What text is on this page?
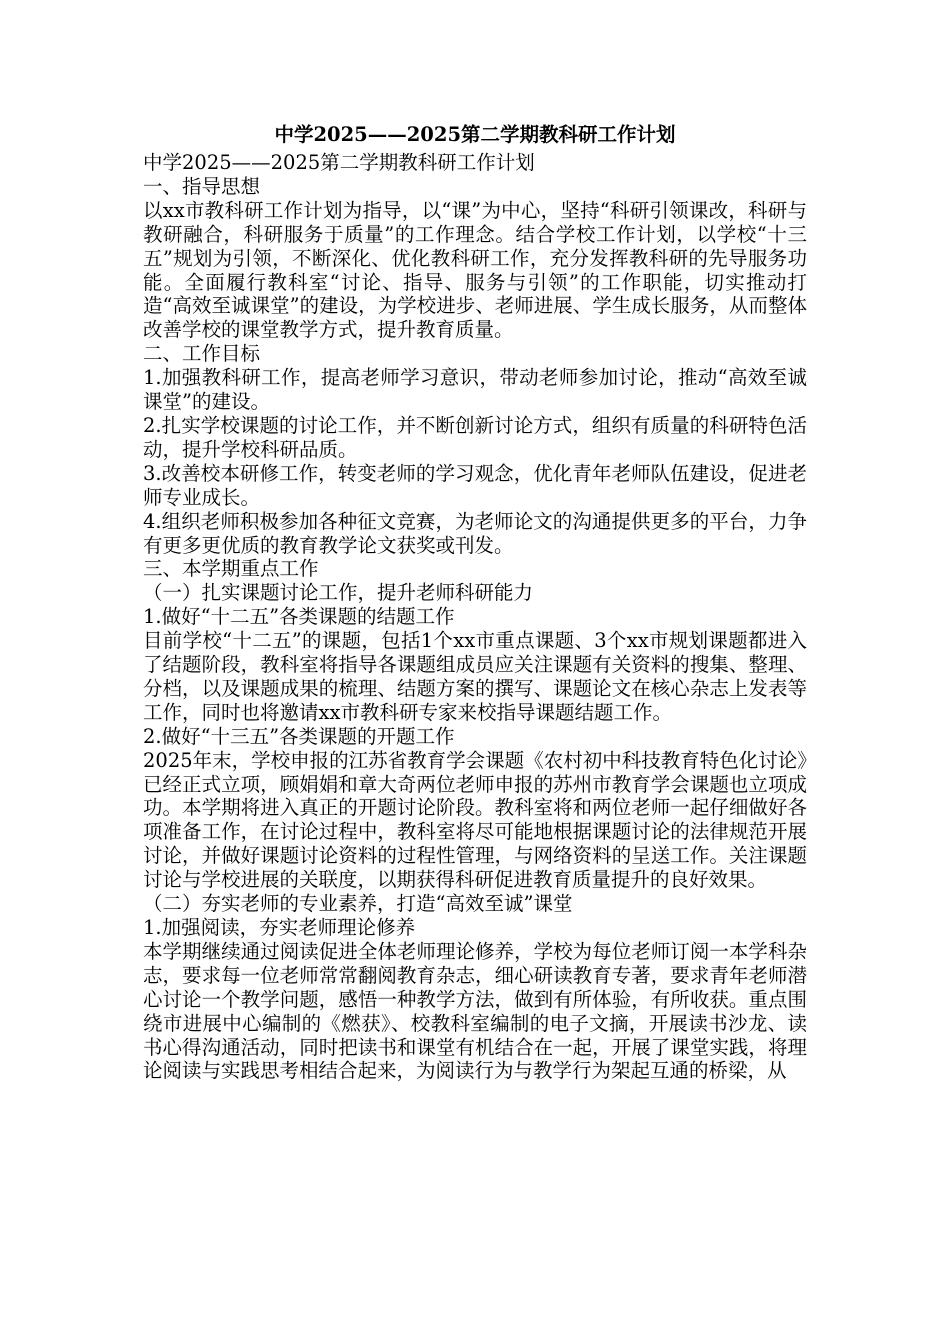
中学2025——2025第二学期教科研工作计划

中学2025——2025第二学期教科研工作计划

一、指导思想

以xx市教科研工作计划为指导，以“课”为中心，坚持“科研引领课改，科研与教研融合，科研服务于质量”的工作理念。结合学校工作计划，以学校“十三五”规划为引领，不断深化、优化教科研工作，充分发挥教科研的先导服务功能。全面履行教科室“讨论、指导、服务与引领”的工作职能，切实推动打造“高效至诚课堂”的建设，为学校进步、老师进展、学生成长服务，从而整体改善学校的课堂教学方式，提升教育质量。

二、工作目标

1.加强教科研工作，提高老师学习意识，带动老师参加讨论，推动“高效至诚课堂”的建设。

2.扎实学校课题的讨论工作，并不断创新讨论方式，组织有质量的科研特色活动，提升学校科研品质。

3.改善校本研修工作，转变老师的学习观念，优化青年老师队伍建设，促进老师专业成长。

4.组织老师积极参加各种征文竞赛，为老师论文的沟通提供更多的平台，力争有更多更优质的教育教学论文获奖或刊发。

三、本学期重点工作

（一）扎实课题讨论工作，提升老师科研能力

1.做好“十二五”各类课题的结题工作

目前学校“十二五”的课题，包括1个xx市重点课题、3个xx市规划课题都进入了结题阶段，教科室将指导各课题组成员应关注课题有关资料的搜集、整理、分档，以及课题成果的梳理、结题方案的撰写、课题论文在核心杂志上发表等工作，同时也将邀请xx市教科研专家来校指导课题结题工作。

2.做好“十三五”各类课题的开题工作

2025年末，学校申报的江苏省教育学会课题《农村初中科技教育特色化讨论》已经正式立项，顾娟娟和章大奇两位老师申报的苏州市教育学会课题也立项成功。本学期将进入真正的开题讨论阶段。教科室将和两位老师一起仔细做好各项准备工作，在讨论过程中，教科室将尽可能地根据课题讨论的法律规范开展讨论，并做好课题讨论资料的过程性管理，与网络资料的呈送工作。关注课题讨论与学校进展的关联度，以期获得科研促进教育质量提升的良好效果。

（二）夯实老师的专业素养，打造“高效至诚”课堂

1.加强阅读，夯实老师理论修养

本学期继续通过阅读促进全体老师理论修养，学校为每位老师订阅一本学科杂志，要求每一位老师常常翻阅教育杂志，细心研读教育专著，要求青年老师潜心讨论一个教学问题，感悟一种教学方法，做到有所体验，有所收获。重点围绕市进展中心编制的《燃获》、校教科室编制的电子文摘，开展读书沙龙、读书心得沟通活动，同时把读书和课堂有机结合在一起，开展了课堂实践，将理论阅读与实践思考相结合起来，为阅读行为与教学行为架起互通的桥梁，从
